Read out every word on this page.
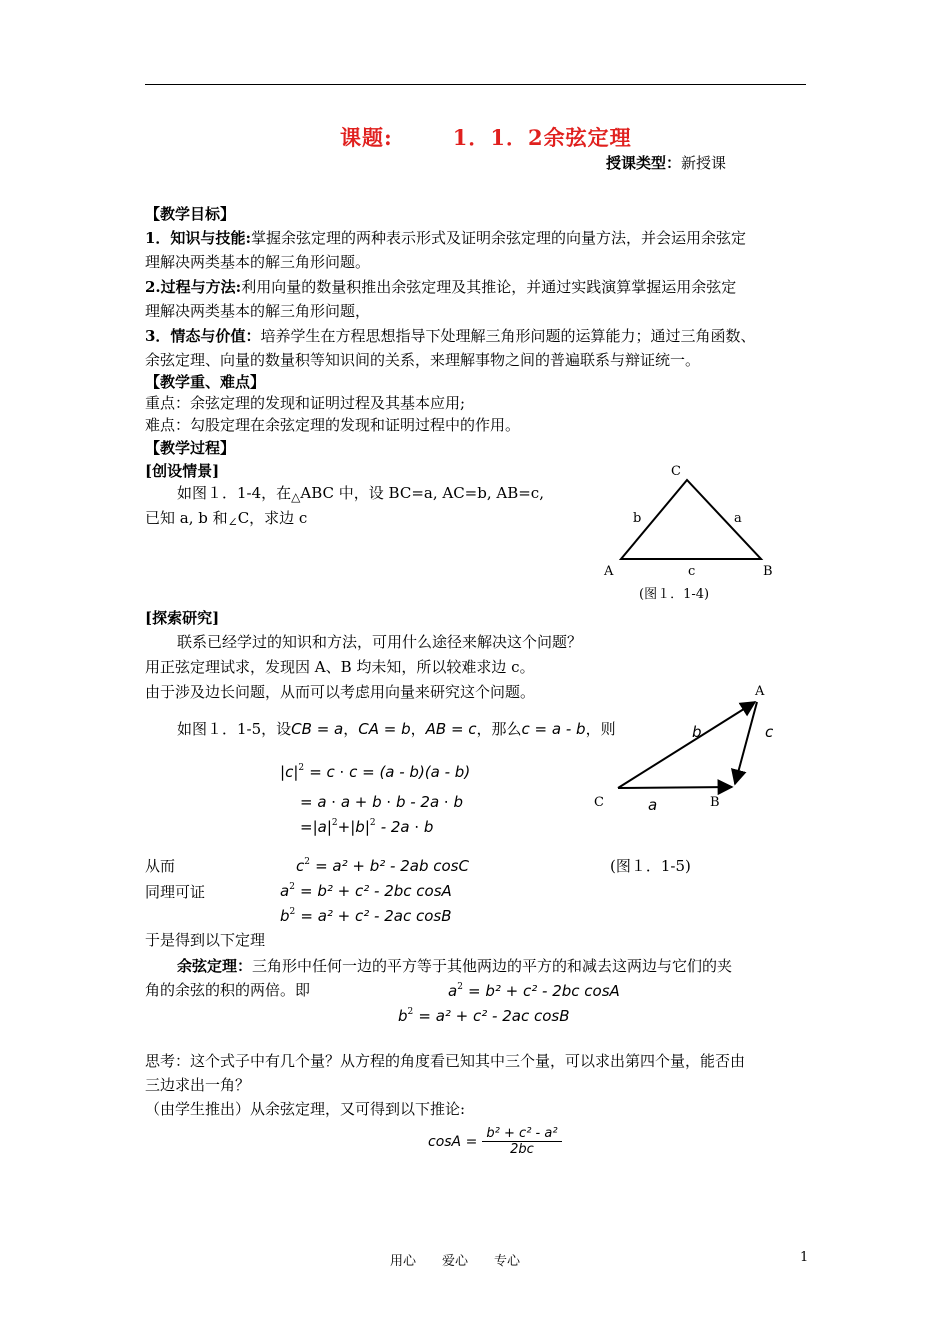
课题:	1．1．2余弦定理
授课类型：新授课
【教学目标】
1．知识与技能:掌握余弦定理的两种表示形式及证明余弦定理的向量方法，并会运用余弦定
理解决两类基本的解三角形问题。
2.过程与方法:利用向量的数量积推出余弦定理及其推论，并通过实践演算掌握运用余弦定
理解决两类基本的解三角形问题，
3．情态与价值：培养学生在方程思想指导下处理解三角形问题的运算能力；通过三角函数、
余弦定理、向量的数量积等知识间的关系，来理解事物之间的普遍联系与辩证统一。
【教学重、难点】
重点：余弦定理的发现和证明过程及其基本应用;
难点：勾股定理在余弦定理的发现和证明过程中的作用。
【教学过程】
[创设情景]
如图１．1-4，在$_\triangle$ABC 中，设 BC=a, AC=b, AB=c,
已知 a, b 和$_\angle$C，求边 c
C
b	a
A	c	B
(图１．1-4)
[探索研究]
联系已经学过的知识和方法，可用什么途径来解决这个问题？
用正弦定理试求，发现因 A、B 均未知，所以较难求边 c。
由于涉及边长问题，从而可以考虑用向量来研究这个问题。
如图１．1-5，设CB = a，CA = b，AB = c，那么c = a - b，则
$|c|^2 = c \cdot c = (a - b)(a - b)$
= a ⋅ a + b ⋅ b - 2a ⋅ b
$=|a|^2+|b|^2 - 2a \cdot b$
A
b	c
C	a	B
(图１．1-5)
从而	$c^2 = a^2 + b^2 - 2ab$ cosC
同理可证	$a^2 = b^2 + c^2 - 2bc$ cosA
$b^2 = a^2 + c^2 - 2ac$ cosB
于是得到以下定理
余弦定理：三角形中任何一边的平方等于其他两边的平方的和减去这两边与它们的夹
角的余弦的积的两倍。即	$a^2 = b^2 + c^2 - 2bc$ cosA
$b^2 = a^2 + c^2 - 2ac$ cosB
思考：这个式子中有几个量？从方程的角度看已知其中三个量，可以求出第四个量，能否由
三边求出一角？
（由学生推出）从余弦定理，又可得到以下推论:
$\cos A = \frac{\text{b² + c² - a²}}{2bc}$
用心　　爱心　　专心	1
